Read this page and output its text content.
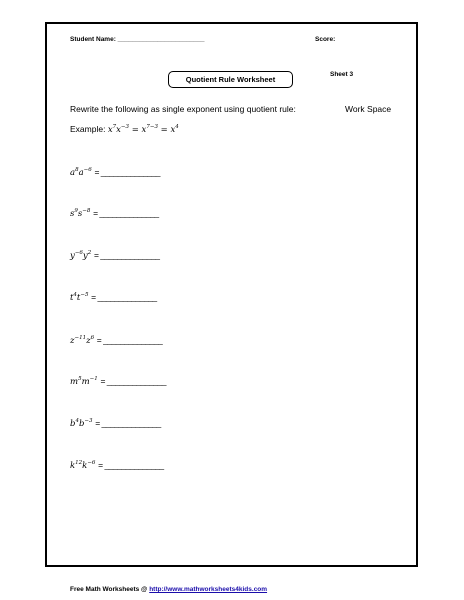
Student Name: ________________________	Score:
Quotient Rule Worksheet
Sheet 3
Rewrite the following as single exponent using quotient rule:	Work Space
Example: $x^7x^{-3} = x^{7-3} = x^4$
$a^8a^{-6}$ = ______________
$s^9s^{-8}$ = ______________
$y^{-6}y^2$ = ______________
$t^4t^{-5}$ = ______________
$z^{-11}z^6$ = ______________
$m^5m^{-1}$ = ______________
$b^4b^{-3}$ = ______________
$k^{12}k^{-6}$ = ______________
Free Math Worksheets @ http://www.mathworksheets4kids.com
